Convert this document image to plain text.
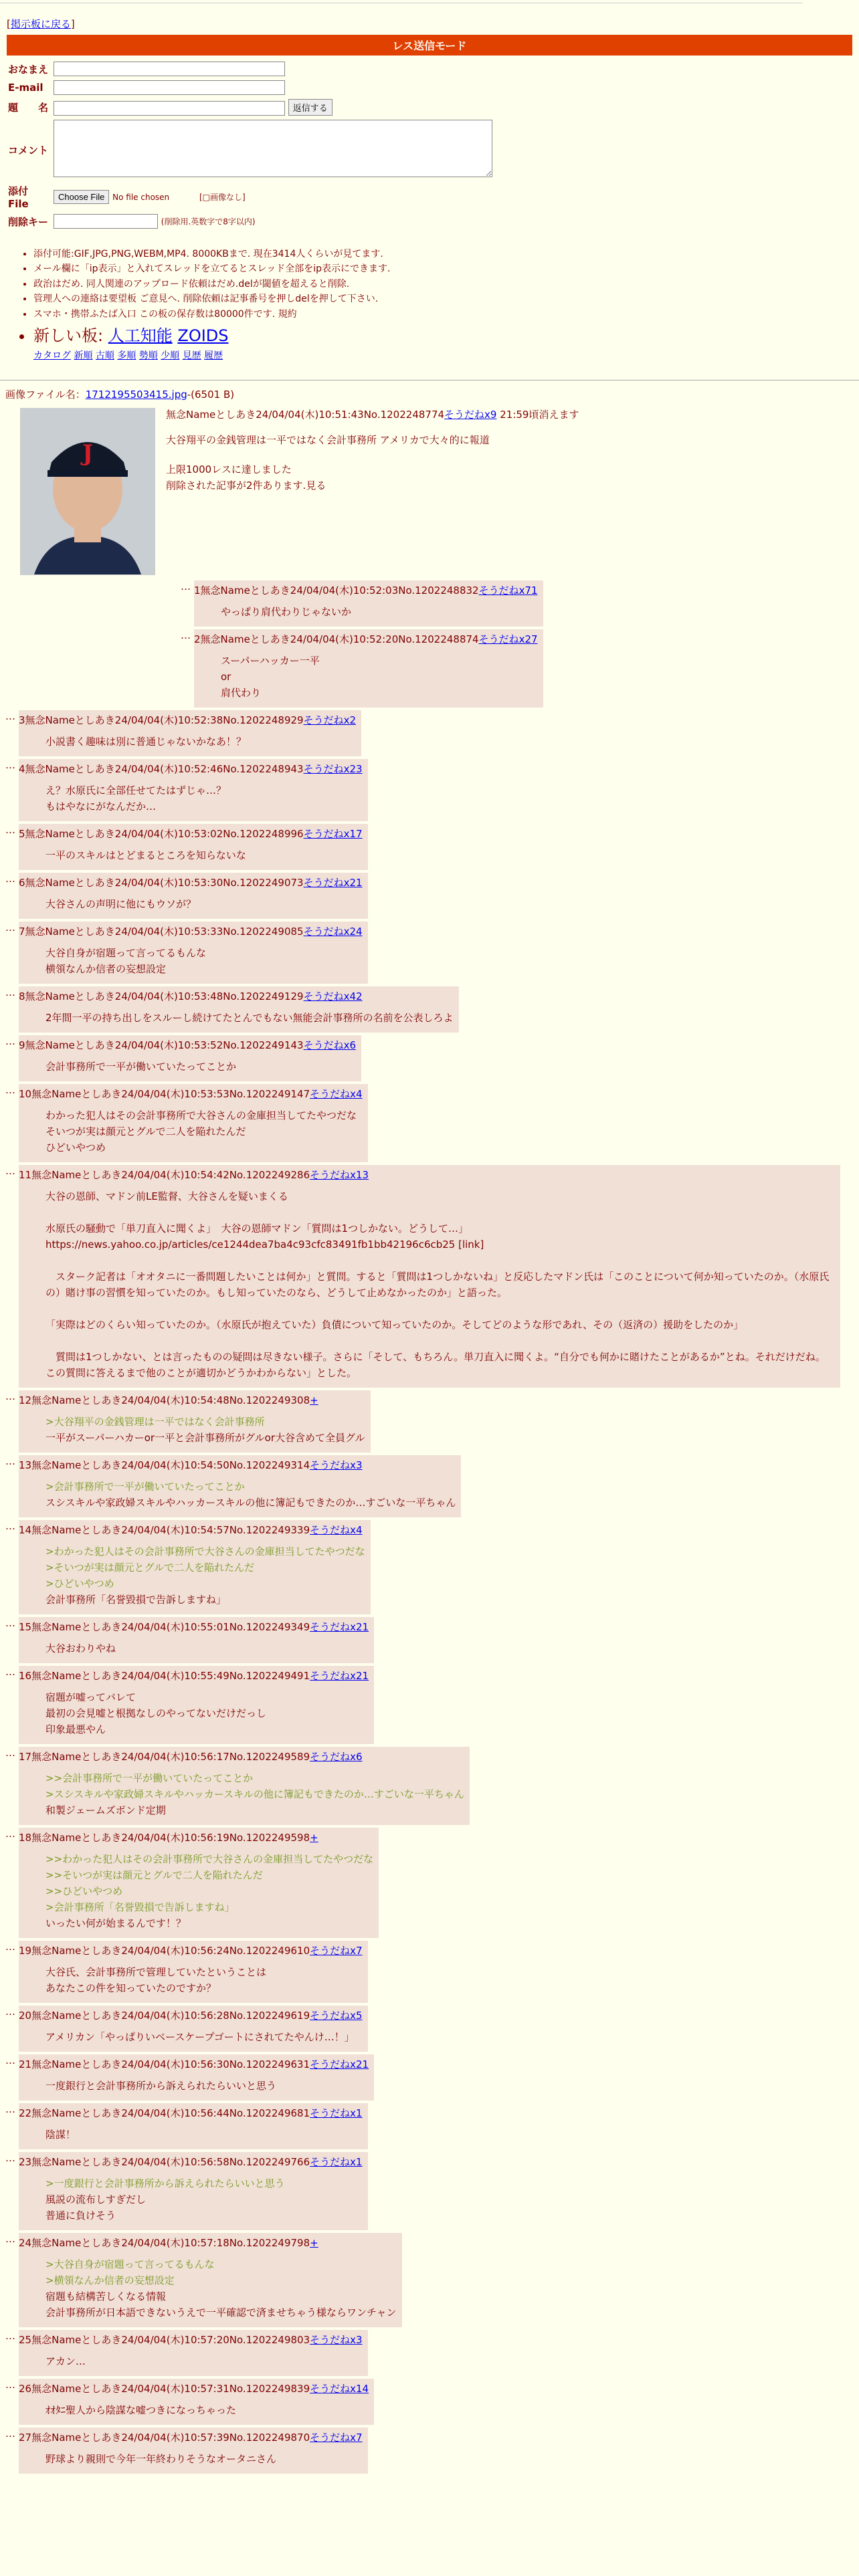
[掲示板に戻る]
レス送信モード
おなまえ	
E-mail	
題　　名	返信する
コメント	
添付File	Choose File No file chosen [□画像なし]
削除キー	(削除用.英数字で8字以内)
• 添付可能:GIF,JPG,PNG,WEBM,MP4. 8000KBまで. 現在3414人くらいが見てます.
• メール欄に「ip表示」と入れてスレッドを立てるとスレッド全部をip表示にできます.
• 政治はだめ. 同人関連のアップロード依頼はだめ.delが閾値を超えると削除.
• 管理人への連絡は要望板 ご意見へ. 削除依頼は記事番号を押しdelを押して下さい.
• スマホ・携帯ふたば入口 この板の保存数は80000件です. 規約
• 新しい板: 人工知能 ZOIDS
カタログ 新順 古順 多順 勢順 少順 見歴 履歴
画像ファイル名：1712195503415.jpg-(6501 B)
J
無念Nameとしあき24/04/04(木)10:51:43No.1202248774そうだねx9 21:59頃消えます
大谷翔平の金銭管理は一平ではなく会計事務所 アメリカで大々的に報道
上限1000レスに達しました
削除された記事が2件あります.見る
… 1無念Nameとしあき24/04/04(木)10:52:03No.1202248832そうだねx71
やっぱり肩代わりじゃないか
… 2無念Nameとしあき24/04/04(木)10:52:20No.1202248874そうだねx27
スーパーハッカー一平
or
肩代わり
… 3無念Nameとしあき24/04/04(木)10:52:38No.1202248929そうだねx2
小説書く趣味は別に普通じゃないかなあ！？
… 4無念Nameとしあき24/04/04(木)10:52:46No.1202248943そうだねx23
え？水原氏に全部任せてたはずじゃ…？
もはやなにがなんだか…
… 5無念Nameとしあき24/04/04(木)10:53:02No.1202248996そうだねx17
一平のスキルはとどまるところを知らないな
… 6無念Nameとしあき24/04/04(木)10:53:30No.1202249073そうだねx21
大谷さんの声明に他にもウソが？
… 7無念Nameとしあき24/04/04(木)10:53:33No.1202249085そうだねx24
大谷自身が宿題って言ってるもんな
横領なんか信者の妄想設定
… 8無念Nameとしあき24/04/04(木)10:53:48No.1202249129そうだねx42
2年間一平の持ち出しをスルーし続けてたとんでもない無能会計事務所の名前を公表しろよ
… 9無念Nameとしあき24/04/04(木)10:53:52No.1202249143そうだねx6
会計事務所で一平が働いていたってことか
… 10無念Nameとしあき24/04/04(木)10:53:53No.1202249147そうだねx4
わかった犯人はその会計事務所で大谷さんの金庫担当してたやつだな
そいつが実は顔元とグルで二人を陥れたんだ
ひどいやつめ
… 11無念Nameとしあき24/04/04(木)10:54:42No.1202249286そうだねx13
大谷の恩師、マドン前LE監督、大谷さんを疑いまくる

水原氏の騒動で「単刀直入に聞くよ」　大谷の恩師マドン「質問は1つしかない。どうして…」
https://news.yahoo.co.jp/articles/ce1244dea7ba4c93cfc83491fb1bb42196c6cb25 [link]

　スターク記者は「オオタニに一番問題したいことは何か」と質問。すると「質問は1つしかないね」と反応したマドン氏は「このことについて何か知っていたのか。（水原氏の）賭け事の習慣を知っていたのか。もし知っていたのなら、どうして止めなかったのか」と語った。

「実際はどのくらい知っていたのか。（水原氏が抱えていた）負債について知っていたのか。そしてどのような形であれ、その（返済の）援助をしたのか」

　質問は1つしかない、とは言ったものの疑問は尽きない様子。さらに「そして、もちろん。単刀直入に聞くよ。“自分でも何かに賭けたことがあるか”とね。それだけだね。この質問に答えるまで他のことが適切かどうかわからない」とした。
… 12無念Nameとしあき24/04/04(木)10:54:48No.1202249308+
>大谷翔平の金銭管理は一平ではなく会計事務所
一平がスーパーハカーor一平と会計事務所がグルor大谷含めて全員グル
… 13無念Nameとしあき24/04/04(木)10:54:50No.1202249314そうだねx3
>会計事務所で一平が働いていたってことか
スシスキルや家政婦スキルやハッカースキルの他に簿記もできたのか…すごいな一平ちゃん
… 14無念Nameとしあき24/04/04(木)10:54:57No.1202249339そうだねx4
>わかった犯人はその会計事務所で大谷さんの金庫担当してたやつだな
>そいつが実は顔元とグルで二人を陥れたんだ
>ひどいやつめ
会計事務所「名誉毀損で告訴しますね」
… 15無念Nameとしあき24/04/04(木)10:55:01No.1202249349そうだねx21
大谷おわりやね
… 16無念Nameとしあき24/04/04(木)10:55:49No.1202249491そうだねx21
宿題が嘘ってバレて
最初の会見嘘と根拠なしのやってないだけだっし
印象最悪やん
… 17無念Nameとしあき24/04/04(木)10:56:17No.1202249589そうだねx6
>>会計事務所で一平が働いていたってことか
>スシスキルや家政婦スキルやハッカースキルの他に簿記もできたのか…すごいな一平ちゃん
和製ジェームズボンド定期
… 18無念Nameとしあき24/04/04(木)10:56:19No.1202249598+
>>わかった犯人はその会計事務所で大谷さんの金庫担当してたやつだな
>>そいつが実は顔元とグルで二人を陥れたんだ
>>ひどいやつめ
>会計事務所「名誉毀損で告訴しますね」
いったい何が始まるんです！？
… 19無念Nameとしあき24/04/04(木)10:56:24No.1202249610そうだねx7
大谷氏、会計事務所で管理していたということは
あなたこの件を知っていたのですか？
… 20無念Nameとしあき24/04/04(木)10:56:28No.1202249619そうだねx5
アメリカン「やっぱりいベースケープゴートにされてたやんけ…！」
… 21無念Nameとしあき24/04/04(木)10:56:30No.1202249631そうだねx21
一度銀行と会計事務所から訴えられたらいいと思う
… 22無念Nameとしあき24/04/04(木)10:56:44No.1202249681そうだねx1
陰謀！
… 23無念Nameとしあき24/04/04(木)10:56:58No.1202249766そうだねx1
>一度銀行と会計事務所から訴えられたらいいと思う
風説の流布しすぎだし
普通に負けそう
… 24無念Nameとしあき24/04/04(木)10:57:18No.1202249798+
>大谷自身が宿題って言ってるもんな
>横領なんか信者の妄想設定
宿題も結構苦しくなる情報
会計事務所が日本語できないうえで一平確認で済ませちゃう様ならワンチャン
… 25無念Nameとしあき24/04/04(木)10:57:20No.1202249803そうだねx3
アカン…
… 26無念Nameとしあき24/04/04(木)10:57:31No.1202249839そうだねx14
ｵｵﾀﾆ聖人から陰謀な嘘つきになっちゃった
… 27無念Nameとしあき24/04/04(木)10:57:39No.1202249870そうだねx7
野球より親則で今年一年終わりそうなオータニさん
